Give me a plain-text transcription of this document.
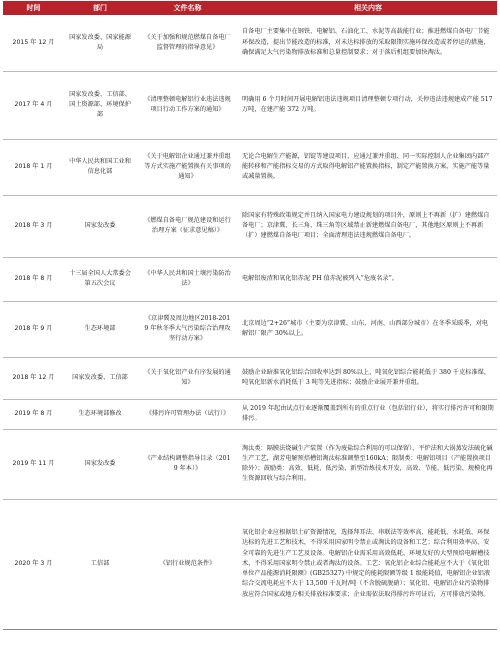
时间	部门	文件名称	相关内容
2015 年 12 月	国家发改委、国家能源局	《关于加强和规范燃煤自备电厂监督管理的指导意见》	自备电厂主要集中在钢铁、电解铝、石油化工、水泥等高载能行业；推进燃煤自备电厂节能环保改造，提出节能改造的标准，对未达标排放的采取限期实施环保改造或者停运的措施，确保满足大气污染物排放标准和总量控制要求；对于落后机组要加快淘汰。
2017 年 4 月	国家发改委、工信部、国土资源部、环境保护部	《清理整顿电解铝行业违法违规项目行动工作方案的通知》	明确用 6 个月时间开展电解铝违法违规项目清理整顿专项行动，关停违法违规建成产能 517 万吨，在建产能 372 万吨。
2018 年 1 月	中华人民共和国工业和信息化部	《关于电解铝企业通过兼并重组等方式实施产能置换有关事项的通知》	无论合电解生产能源，铝锭等建设项目，应通过兼并重组、同一实际控制人企业集团内部产能转移和产能指标交易的方式取得电解铝产能置换指标，制定产能置换方案，实施产能等量或减量置换。
2018 年 3 月	国家发改委	《燃煤自备电厂规范建设和运行治理方案（征求意见稿）》	除国家有特殊政策规定并且纳入国家电力建设规划的项目外，原则上不再新（扩）建燃煤自备电厂；京津冀、长三角、珠三角等区域禁止新建燃煤自备电厂，其他地区原则上不再新（扩）建燃煤自备电厂项目；全面清理违法违规燃煤自备电厂。
2018 年 8 月	十三届全国人大常委会第五次会议	《中华人民共和国土壤污染防治法》	电解铝废渣和氧化铝赤泥 PH 值赤泥被列入“危废名录”。
2018 年 9 月	生态环境部	《京津冀及周边地区2018-2019 年秋冬季大气污染综合治理攻坚行动方案》	北京周边“2+26”城市（主要为京津冀、山东、河南、山西部分城市）在冬季采暖季，对电解铝厂限产 30%以上。
2018 年 12 月	国家发改委、工信部	《关于氧化铝产业有序发展的通知》	鼓励企业暗淮氧化铝综合回收率达到 80%以上，吨氧化铝综合能耗低于 380 千克标准煤，吨氧化铝新水消耗低于 3 吨等先进指标；鼓励企业展开兼并重组。
2019 年 8 月	生态环境部修改	《排污许可管理办法（试行）》	从 2019 年起由试点行业逐渐覆盖到所有的重点行业（包括铝行业），将实行排污许可和限期排污。
2019 年 11 月	国家发改委	《产业结构调整指导目录（2019 年本）》	淘汰类：隔膜法烧碱生产装置（作为废盐综合利用的可以保留），平炉法和大锅蒸发法硫化碱生产工艺，湖芳电解预焙槽铝淘汰标准调整至160kA；限制类：电解铝项目（产能置换项目除外）；鼓励类：高效、低耗、低污染、新型冶炼技术开发，高效、节能、低污染、规模化再生资源回收与综合利用。
2020 年 3 月	工信部	《铝行业规范条件》	氧化铝企业应根据铝土矿资源情况，选择拜耳法、串联法等效率高、能耗低、水耗低、环保达标的先进工艺和技术，不得采用国家明令禁止或淘汰的设备和工艺；综合利用效率高、安全可靠的先进生产工艺及设备。电解铝企业需采用高效低耗、环境友好的大型预焙电解槽技术，不得采用国家明令禁止或者淘汰的设备。工艺：氧化铝企业综合能耗应不大于《氧化铝单位产品能源消耗限额》(GB25327) 中规定的能耗限额等级 1 级能耗值，电解铝企业铝液综合交流电耗应不大于 13,500 千瓦时/吨（不含脱硫脱硝）；氧化铝、电解铝企业污染物排放应符合国家或地方相关排放标准要求；企业需依法取得排污许可证后，方可排放污染物。
